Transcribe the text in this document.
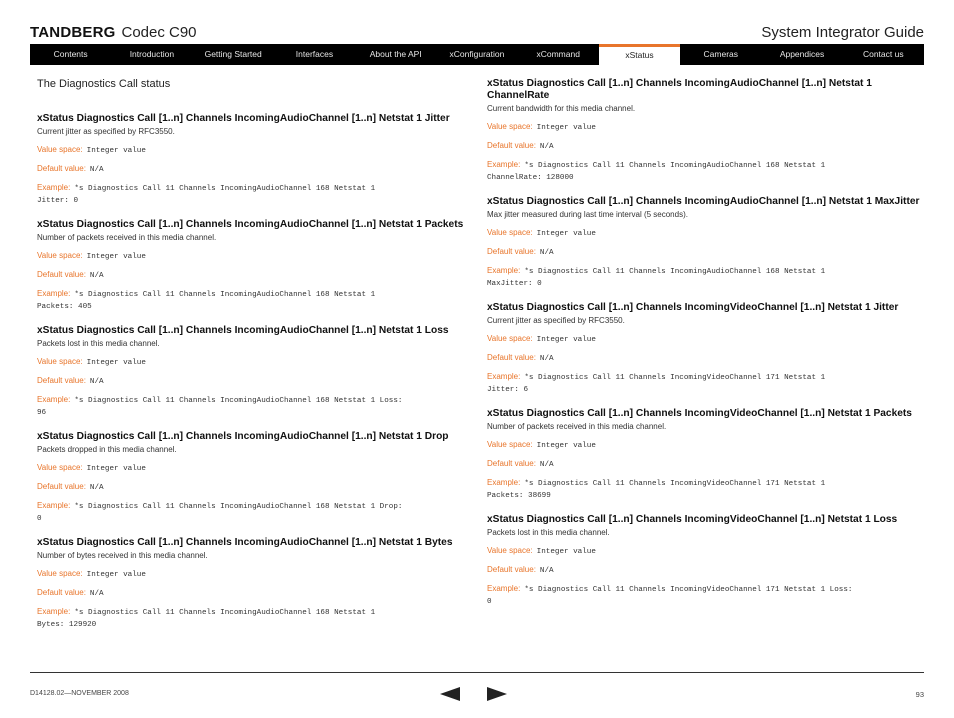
TANDBERG Codec C90	System Integrator Guide
Contents	Introduction	Getting Started	Interfaces	About the API	xConfiguration	xCommand	xStatus	Cameras	Appendices	Contact us
The Diagnostics Call status
xStatus Diagnostics Call [1..n] Channels IncomingAudioChannel [1..n] Netstat 1 Jitter
Current jitter as specified by RFC3550.
Value space: Integer value
Default value: N/A
Example: *s Diagnostics Call 11 Channels IncomingAudioChannel 168 Netstat 1
Jitter: 0
xStatus Diagnostics Call [1..n] Channels IncomingAudioChannel [1..n] Netstat 1 Packets
Number of packets received in this media channel.
Value space: Integer value
Default value: N/A
Example: *s Diagnostics Call 11 Channels IncomingAudioChannel 168 Netstat 1
Packets: 405
xStatus Diagnostics Call [1..n] Channels IncomingAudioChannel [1..n] Netstat 1 Loss
Packets lost in this media channel.
Value space: Integer value
Default value: N/A
Example: *s Diagnostics Call 11 Channels IncomingAudioChannel 168 Netstat 1 Loss:
96
xStatus Diagnostics Call [1..n] Channels IncomingAudioChannel [1..n] Netstat 1 Drop
Packets dropped in this media channel.
Value space: Integer value
Default value: N/A
Example: *s Diagnostics Call 11 Channels IncomingAudioChannel 168 Netstat 1 Drop:
0
xStatus Diagnostics Call [1..n] Channels IncomingAudioChannel [1..n] Netstat 1 Bytes
Number of bytes received in this media channel.
Value space: Integer value
Default value: N/A
Example: *s Diagnostics Call 11 Channels IncomingAudioChannel 168 Netstat 1
Bytes: 129920
xStatus Diagnostics Call [1..n] Channels IncomingAudioChannel [1..n] Netstat 1 ChannelRate
Current bandwidth for this media channel.
Value space: Integer value
Default value: N/A
Example: *s Diagnostics Call 11 Channels IncomingAudioChannel 168 Netstat 1
ChannelRate: 128000
xStatus Diagnostics Call [1..n] Channels IncomingAudioChannel [1..n] Netstat 1 MaxJitter
Max jitter measured during last time interval (5 seconds).
Value space: Integer value
Default value: N/A
Example: *s Diagnostics Call 11 Channels IncomingAudioChannel 168 Netstat 1
MaxJitter: 0
xStatus Diagnostics Call [1..n] Channels IncomingVideoChannel [1..n] Netstat 1 Jitter
Current jitter as specified by RFC3550.
Value space: Integer value
Default value: N/A
Example: *s Diagnostics Call 11 Channels IncomingVideoChannel 171 Netstat 1
Jitter: 6
xStatus Diagnostics Call [1..n] Channels IncomingVideoChannel [1..n] Netstat 1 Packets
Number of packets received in this media channel.
Value space: Integer value
Default value: N/A
Example: *s Diagnostics Call 11 Channels IncomingVideoChannel 171 Netstat 1
Packets: 38699
xStatus Diagnostics Call [1..n] Channels IncomingVideoChannel [1..n] Netstat 1 Loss
Packets lost in this media channel.
Value space: Integer value
Default value: N/A
Example: *s Diagnostics Call 11 Channels IncomingVideoChannel 171 Netstat 1 Loss:
0
D14128.02—NOVEMBER 2008	93
